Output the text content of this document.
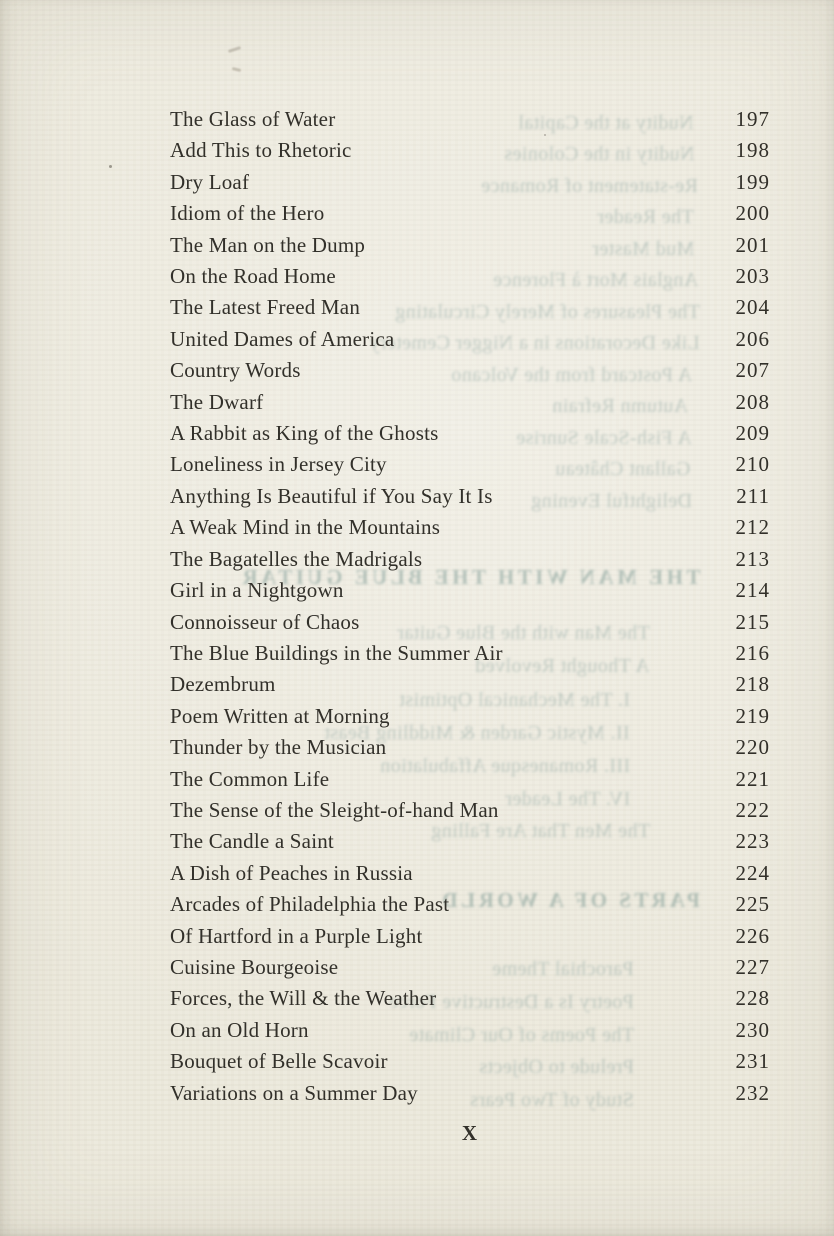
Nudity at the Capital
Nudity in the Colonies
Re-statement of Romance
The Reader
Mud Master
Anglais Mort à Florence
The Pleasures of Merely Circulating
Like Decorations in a Nigger Cemetery
A Postcard from the Volcano
Autumn Refrain
A Fish-Scale Sunrise
Gallant Château
Delightful Evening
THE MAN WITH THE BLUE GUITAR
The Man with the Blue Guitar
A Thought Revolved
I. The Mechanical Optimist
II. Mystic Garden & Middling Beast
III. Romanesque Affabulation
IV. The Leader
The Men That Are Falling
PARTS OF A WORLD
Parochial Theme
Poetry Is a Destructive Force
The Poems of Our Climate
Prelude to Objects
Study of Two Pears
The Glass of Water	197
Add This to Rhetoric	198
Dry Loaf	199
Idiom of the Hero	200
The Man on the Dump	201
On the Road Home	203
The Latest Freed Man	204
United Dames of America	206
Country Words	207
The Dwarf	208
A Rabbit as King of the Ghosts	209
Loneliness in Jersey City	210
Anything Is Beautiful if You Say It Is	211
A Weak Mind in the Mountains	212
The Bagatelles the Madrigals	213
Girl in a Nightgown	214
Connoisseur of Chaos	215
The Blue Buildings in the Summer Air	216
Dezembrum	218
Poem Written at Morning	219
Thunder by the Musician	220
The Common Life	221
The Sense of the Sleight-of-hand Man	222
The Candle a Saint	223
A Dish of Peaches in Russia	224
Arcades of Philadelphia the Past	225
Of Hartford in a Purple Light	226
Cuisine Bourgeoise	227
Forces, the Will & the Weather	228
On an Old Horn	230
Bouquet of Belle Scavoir	231
Variations on a Summer Day	232
X
